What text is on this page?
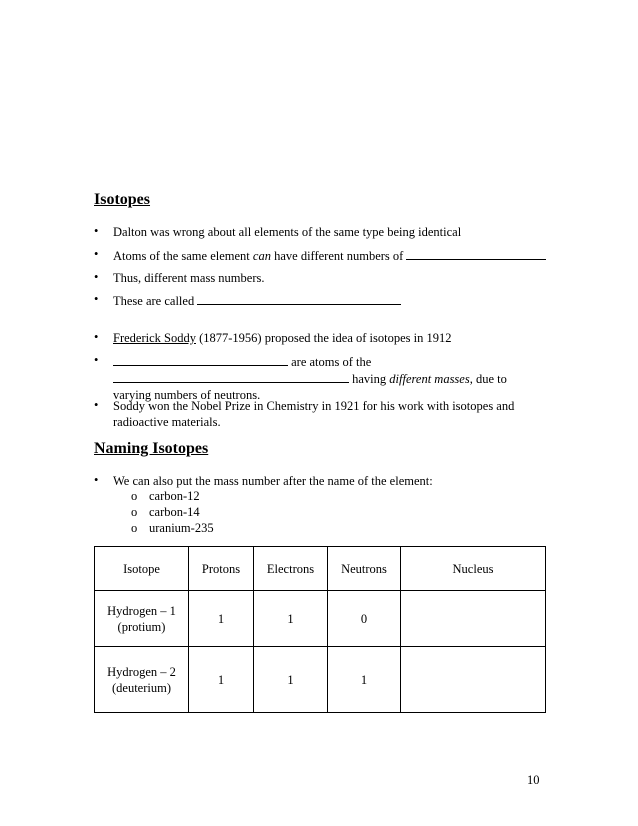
Isotopes
•	Dalton was wrong about all elements of the same type being identical
•	Atoms of the same element can have different numbers of
•	Thus, different mass numbers.
•	These are called
•	Frederick Soddy (1877-1956) proposed the idea of isotopes in 1912
•	are atoms of the
having different masses, due to
varying numbers of neutrons.
•	Soddy won the Nobel Prize in Chemistry in 1921 for his work with isotopes and
radioactive materials.
Naming Isotopes
•	We can also put the mass number after the name of the element:
o carbon-12
o carbon-14
o uranium-235
Isotope	Protons	Electrons	Neutrons	Nucleus

Hydrogen – 1
(protium)	1	1	0	

Hydrogen – 2
(deuterium)	1	1	1	
10
